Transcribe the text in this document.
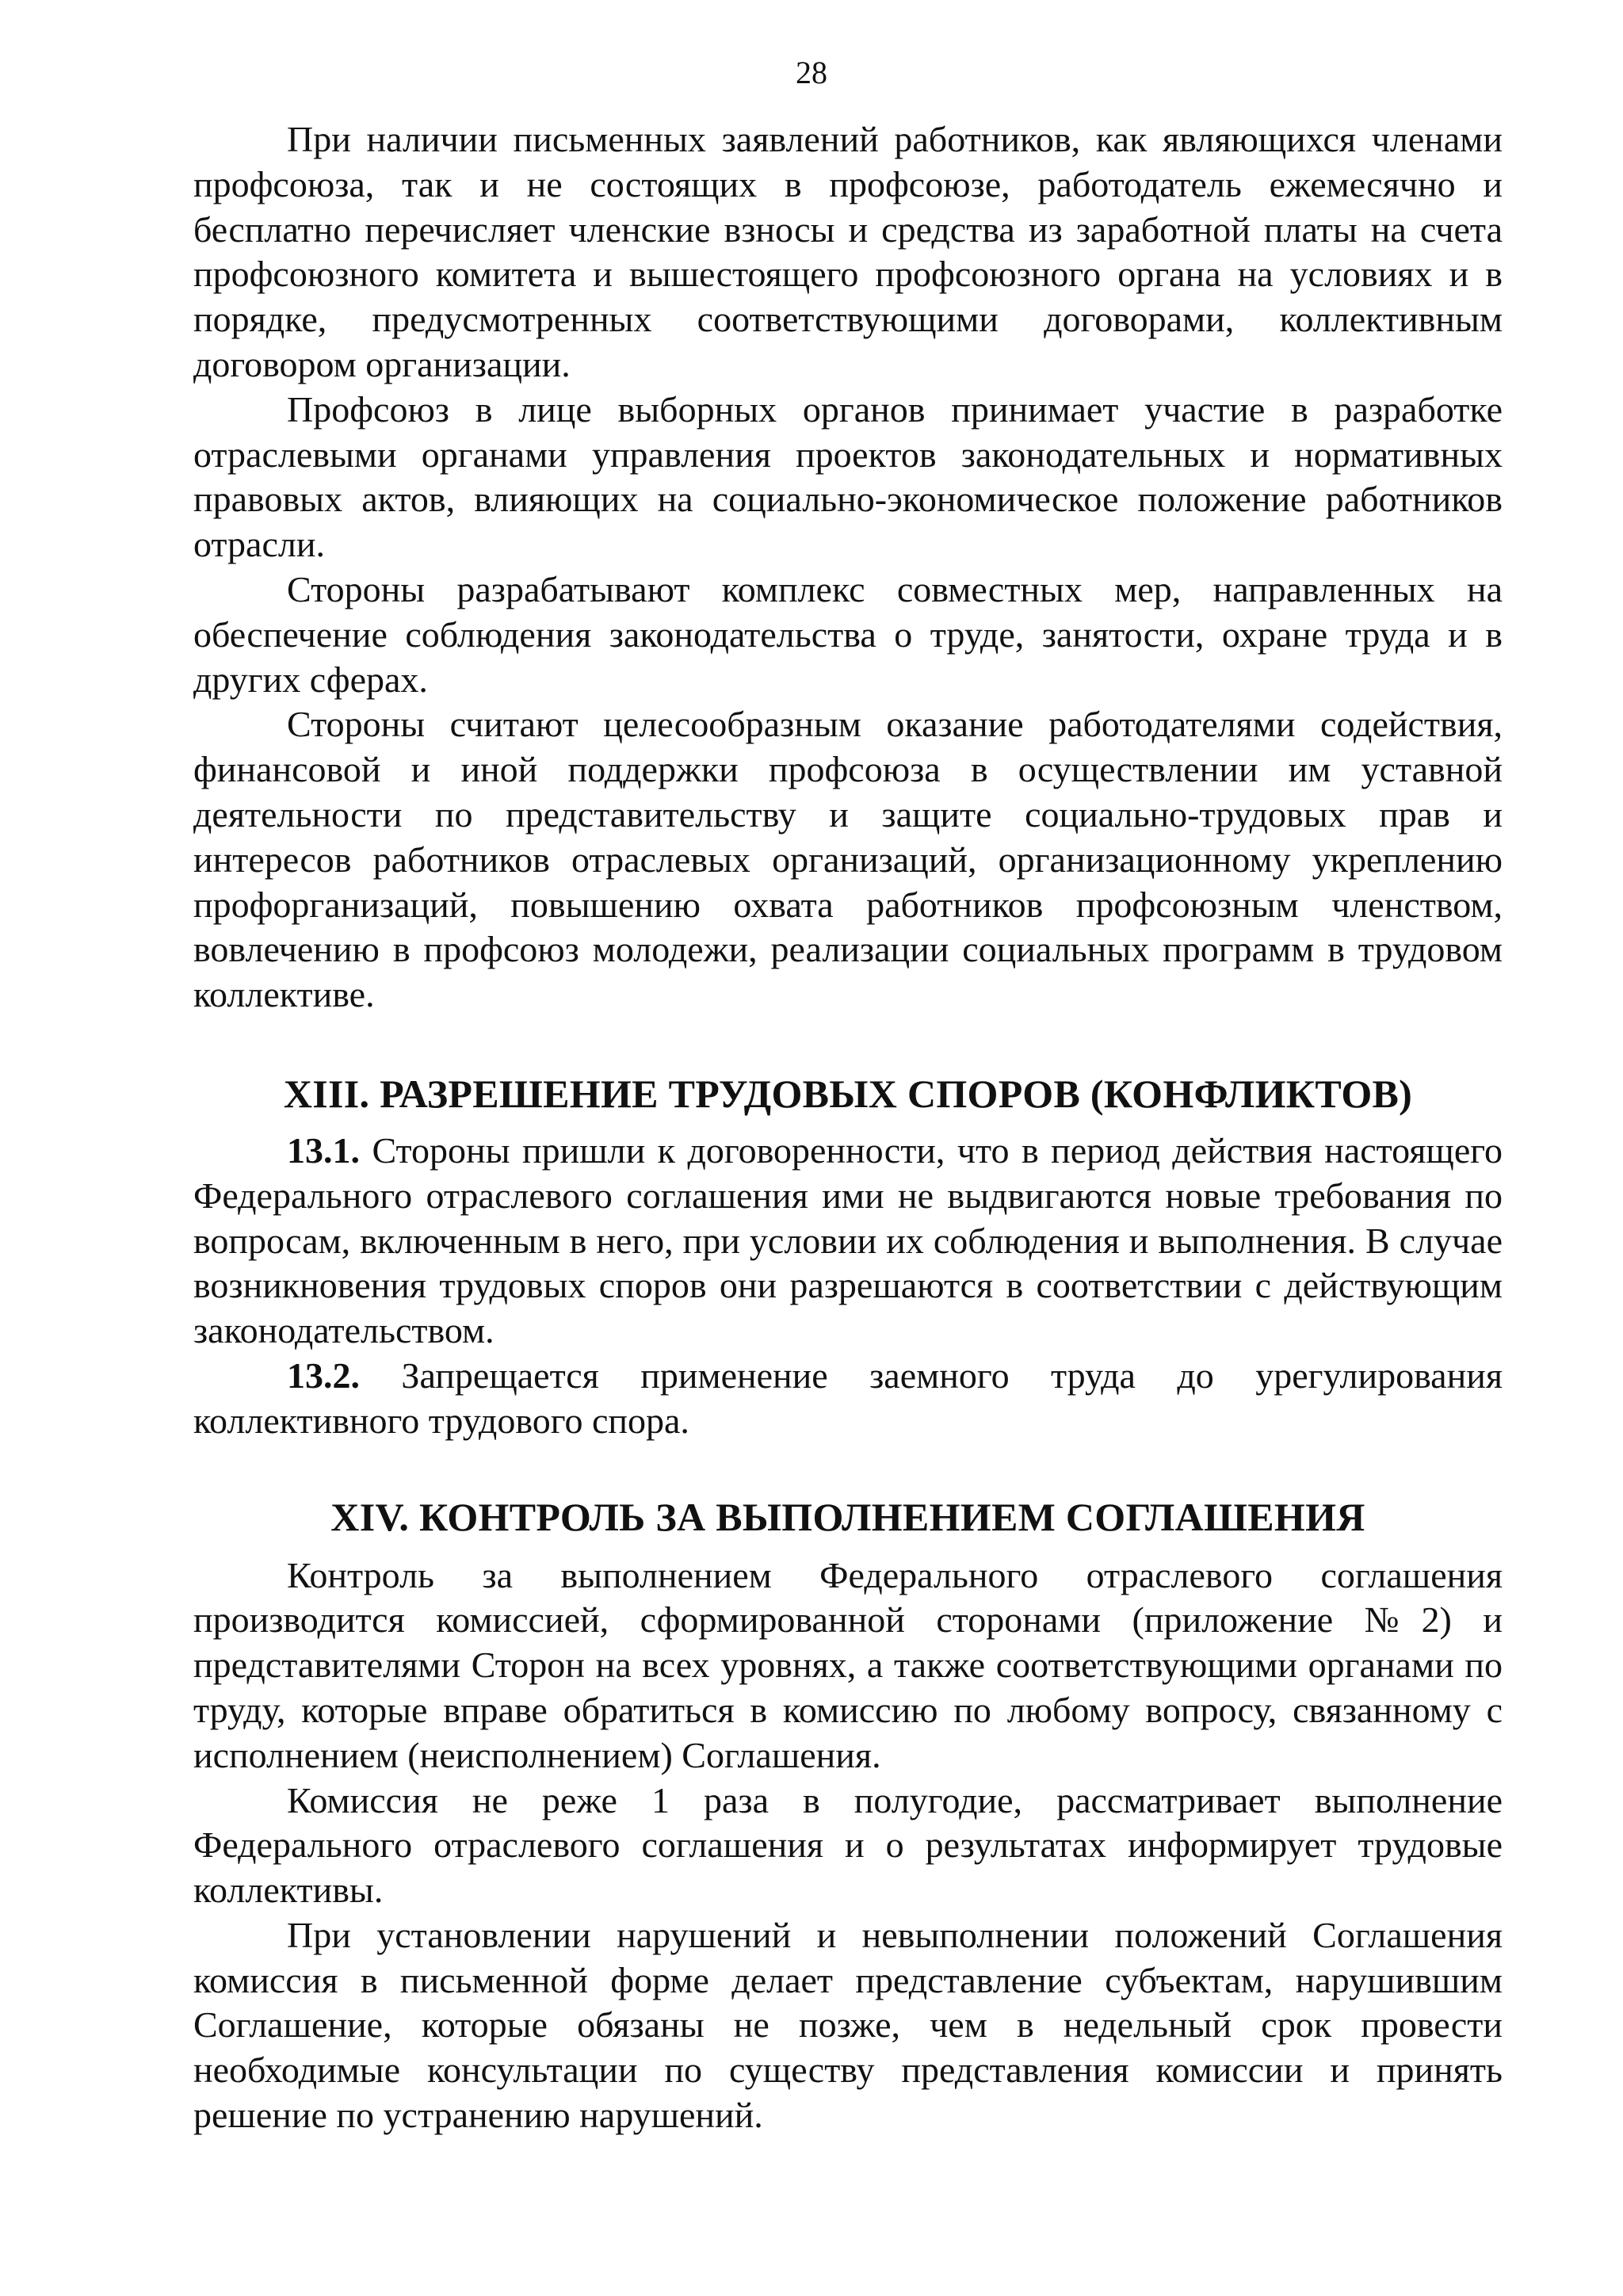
28

При наличии письменных заявлений работников, как являющихся членами профсоюза, так и не состоящих в профсоюзе, работодатель ежемесячно и бесплатно перечисляет членские взносы и средства из заработной платы на счета профсоюзного комитета и вышестоящего профсоюзного органа на условиях и в порядке, предусмотренных соответствующими договорами, коллективным договором организации.

Профсоюз в лице выборных органов принимает участие в разработке отраслевыми органами управления проектов законодательных и нормативных правовых актов, влияющих на социально-экономическое положение работников отрасли.

Стороны разрабатывают комплекс совместных мер, направленных на обеспечение соблюдения законодательства о труде, занятости, охране труда и в других сферах.

Стороны считают целесообразным оказание работодателями содействия, финансовой и иной поддержки профсоюза в осуществлении им уставной деятельности по представительству и защите социально-трудовых прав и интересов работников отраслевых организаций, организационному укреплению профорганизаций, повышению охвата работников профсоюзным членством, вовлечению в профсоюз молодежи, реализации социальных программ в трудовом коллективе.

XIII. РАЗРЕШЕНИЕ ТРУДОВЫХ СПОРОВ (КОНФЛИКТОВ)

13.1. Стороны пришли к договоренности, что в период действия настоящего Федерального отраслевого соглашения ими не выдвигаются новые требования по вопросам, включенным в него, при условии их соблюдения и выполнения. В случае возникновения трудовых споров они разрешаются в соответствии с действующим законодательством.

13.2. Запрещается применение заемного труда до урегулирования коллективного трудового спора.

XIV. КОНТРОЛЬ ЗА ВЫПОЛНЕНИЕМ СОГЛАШЕНИЯ

Контроль за выполнением Федерального отраслевого соглашения производится комиссией, сформированной сторонами (приложение №2) и представителями Сторон на всех уровнях, а также соответствующими органами по труду, которые вправе обратиться в комиссию по любому вопросу, связанному с исполнением (неисполнением) Соглашения.

Комиссия не реже 1 раза в полугодие, рассматривает выполнение Федерального отраслевого соглашения и о результатах информирует трудовые коллективы.

При установлении нарушений и невыполнении положений Соглашения комиссия в письменной форме делает представление субъектам, нарушившим Соглашение, которые обязаны не позже, чем в недельный срок провести необходимые консультации по существу представления комиссии и принять решение по устранению нарушений.
